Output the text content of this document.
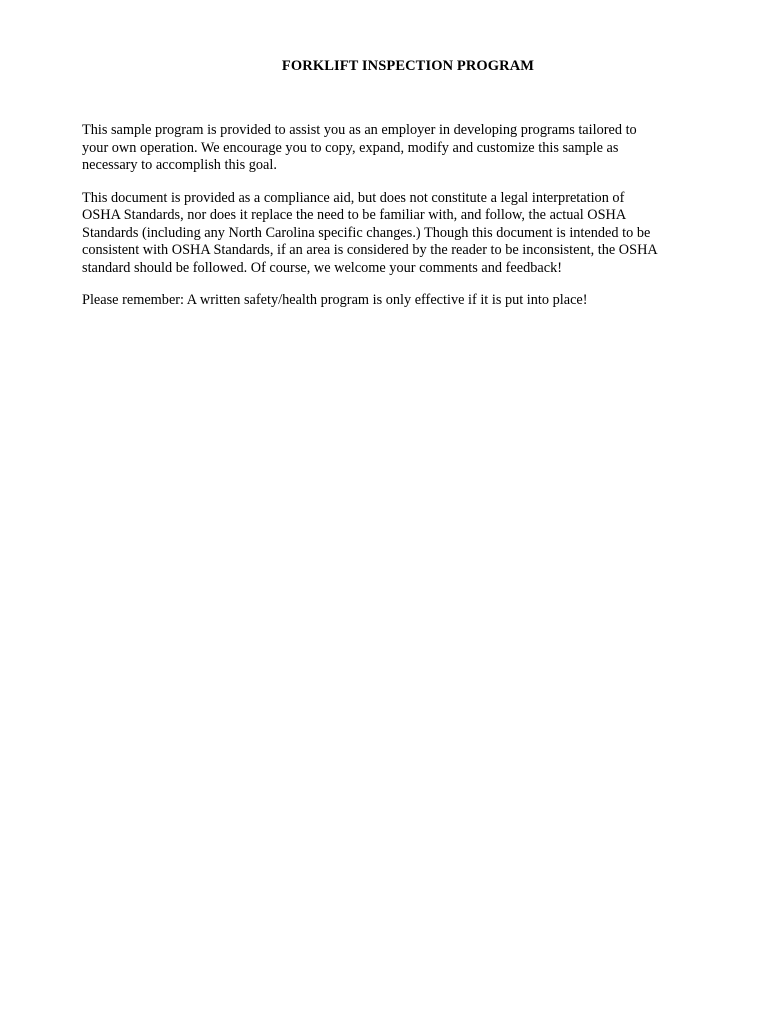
FORKLIFT INSPECTION PROGRAM

This sample program is provided to assist you as an employer in developing programs tailored to
your own operation. We encourage you to copy, expand, modify and customize this sample as
necessary to accomplish this goal.

This document is provided as a compliance aid, but does not constitute a legal interpretation of
OSHA Standards, nor does it replace the need to be familiar with, and follow, the actual OSHA
Standards (including any North Carolina specific changes.) Though this document is intended to be
consistent with OSHA Standards, if an area is considered by the reader to be inconsistent, the OSHA
standard should be followed. Of course, we welcome your comments and feedback!

Please remember: A written safety/health program is only effective if it is put into place!
